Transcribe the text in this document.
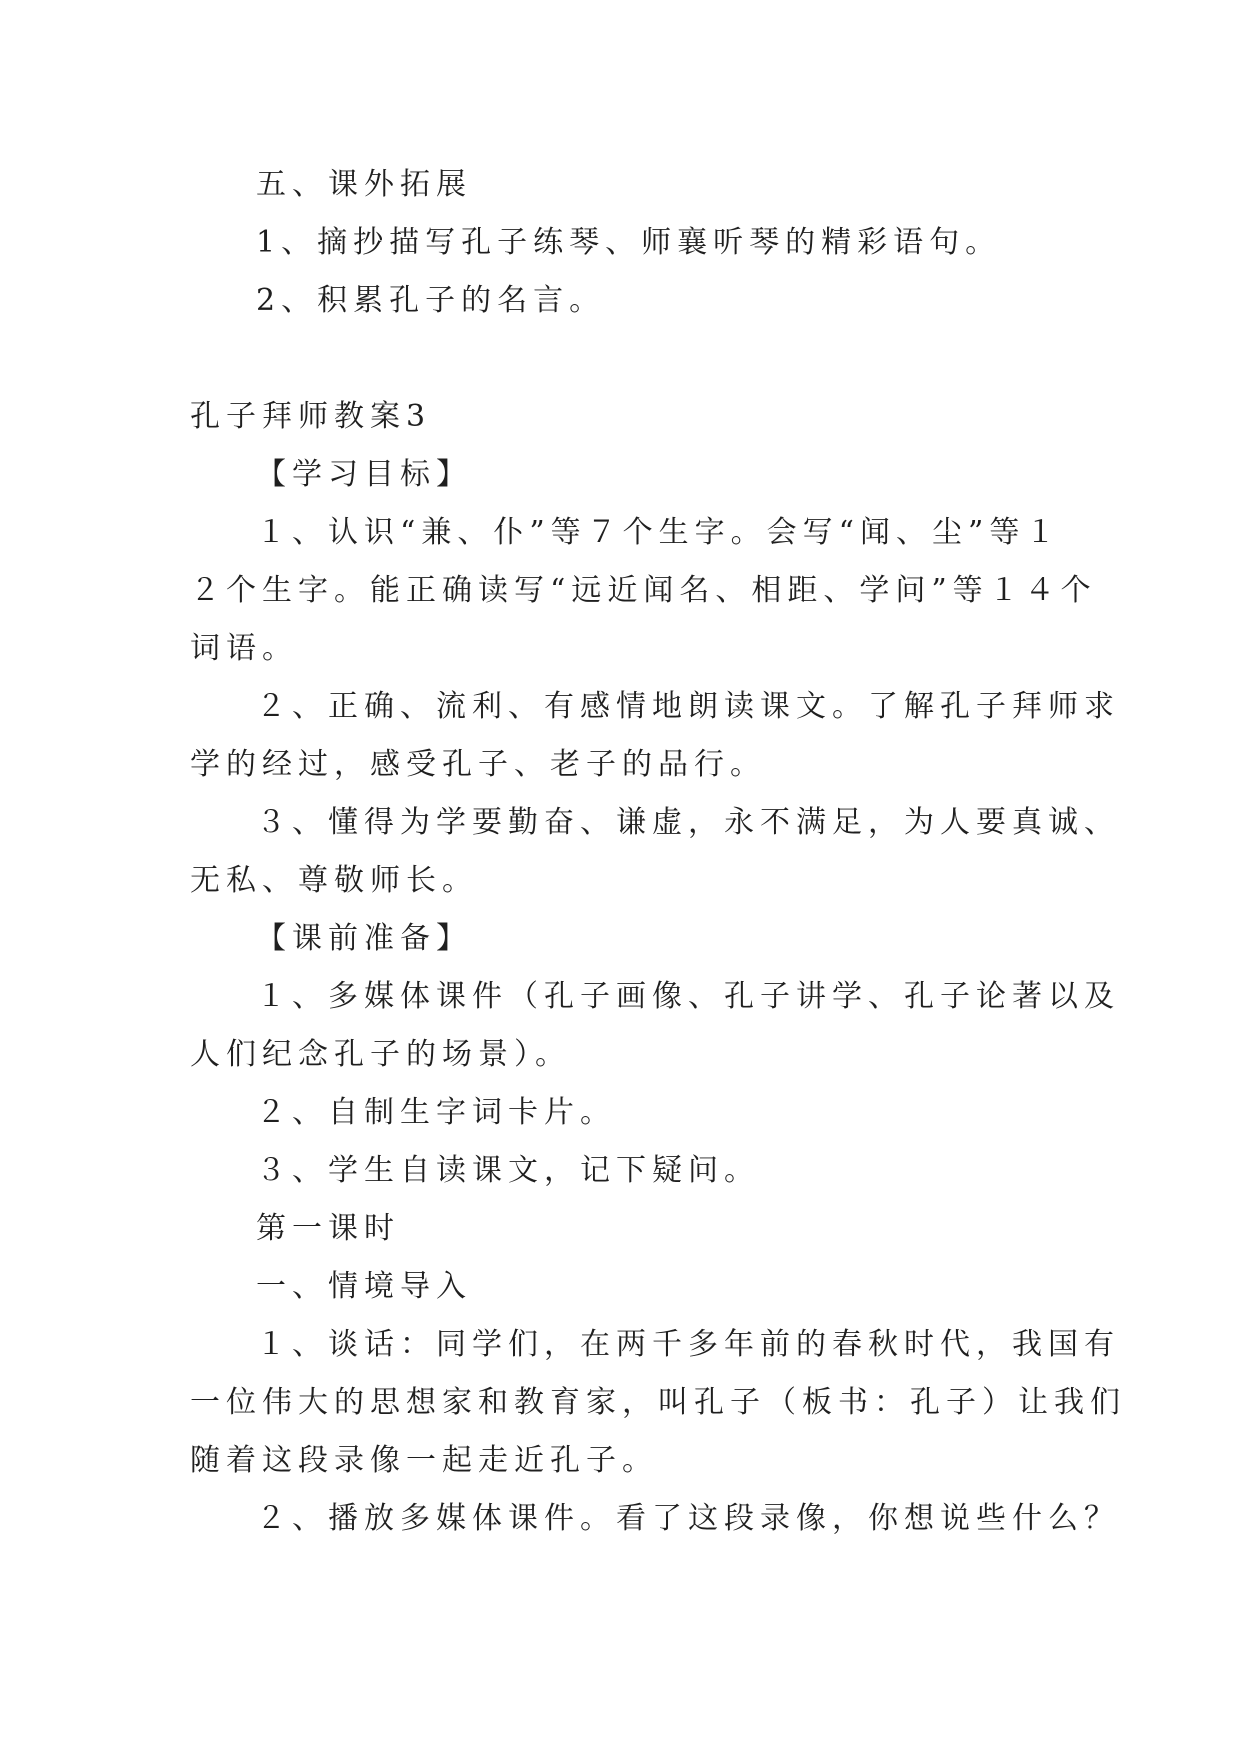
五、课外拓展
1、摘抄描写孔子练琴、师襄听琴的精彩语句。
2、积累孔子的名言。
孔子拜师教案3
【学习目标】
１、认识“兼、仆”等７个生字。会写“闻、尘”等１
２个生字。能正确读写“远近闻名、相距、学问”等１４个
词语。
２、正确、流利、有感情地朗读课文。了解孔子拜师求
学的经过，感受孔子、老子的品行。
３、懂得为学要勤奋、谦虚，永不满足，为人要真诚、
无私、尊敬师长。
【课前准备】
１、多媒体课件（孔子画像、孔子讲学、孔子论著以及
人们纪念孔子的场景）。
２、自制生字词卡片。
３、学生自读课文，记下疑问。
第一课时
一、情境导入
１、谈话：同学们，在两千多年前的春秋时代，我国有
一位伟大的思想家和教育家，叫孔子（板书：孔子）让我们
随着这段录像一起走近孔子。
２、播放多媒体课件。看了这段录像，你想说些什么？
